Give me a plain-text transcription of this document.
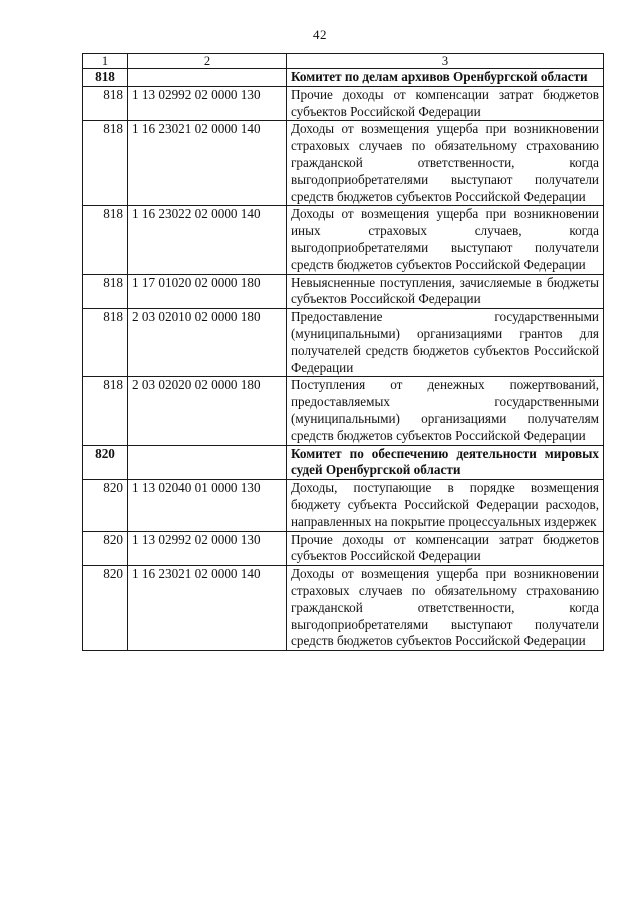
42
1	2	3
818		Комитет по делам архивов Оренбургской области
818	1 13 02992 02 0000 130	Прочие доходы от компенсации затрат бюджетов субъектов Российской Федерации
818	1 16 23021 02 0000 140	Доходы от возмещения ущерба при возникновении страховых случаев по обязательному страхованию гражданской ответственности, когда выгодоприобретателями выступают получатели средств бюджетов субъектов Российской Федерации
818	1 16 23022 02 0000 140	Доходы от возмещения ущерба при возникновении иных страховых случаев, когда выгодоприобретателями выступают получатели средств бюджетов субъектов Российской Федерации
818	1 17 01020 02 0000 180	Невыясненные поступления, зачисляемые в бюджеты субъектов Российской Федерации
818	2 03 02010 02 0000 180	Предоставление государственными (муниципальными) организациями грантов для получателей средств бюджетов субъектов Российской Федерации
818	2 03 02020 02 0000 180	Поступления от денежных пожертвований, предоставляемых государственными (муниципальными) организациями получателям средств бюджетов субъектов Российской Федерации
820		Комитет по обеспечению деятельности мировых судей Оренбургской области
820	1 13 02040 01 0000 130	Доходы, поступающие в порядке возмещения бюджету субъекта Российской Федерации расходов, направленных на покрытие процессуальных издержек
820	1 13 02992 02 0000 130	Прочие доходы от компенсации затрат бюджетов субъектов Российской Федерации
820	1 16 23021 02 0000 140	Доходы от возмещения ущерба при возникновении страховых случаев по обязательному страхованию гражданской ответственности, когда выгодоприобретателями выступают получатели средств бюджетов субъектов Российской Федерации
